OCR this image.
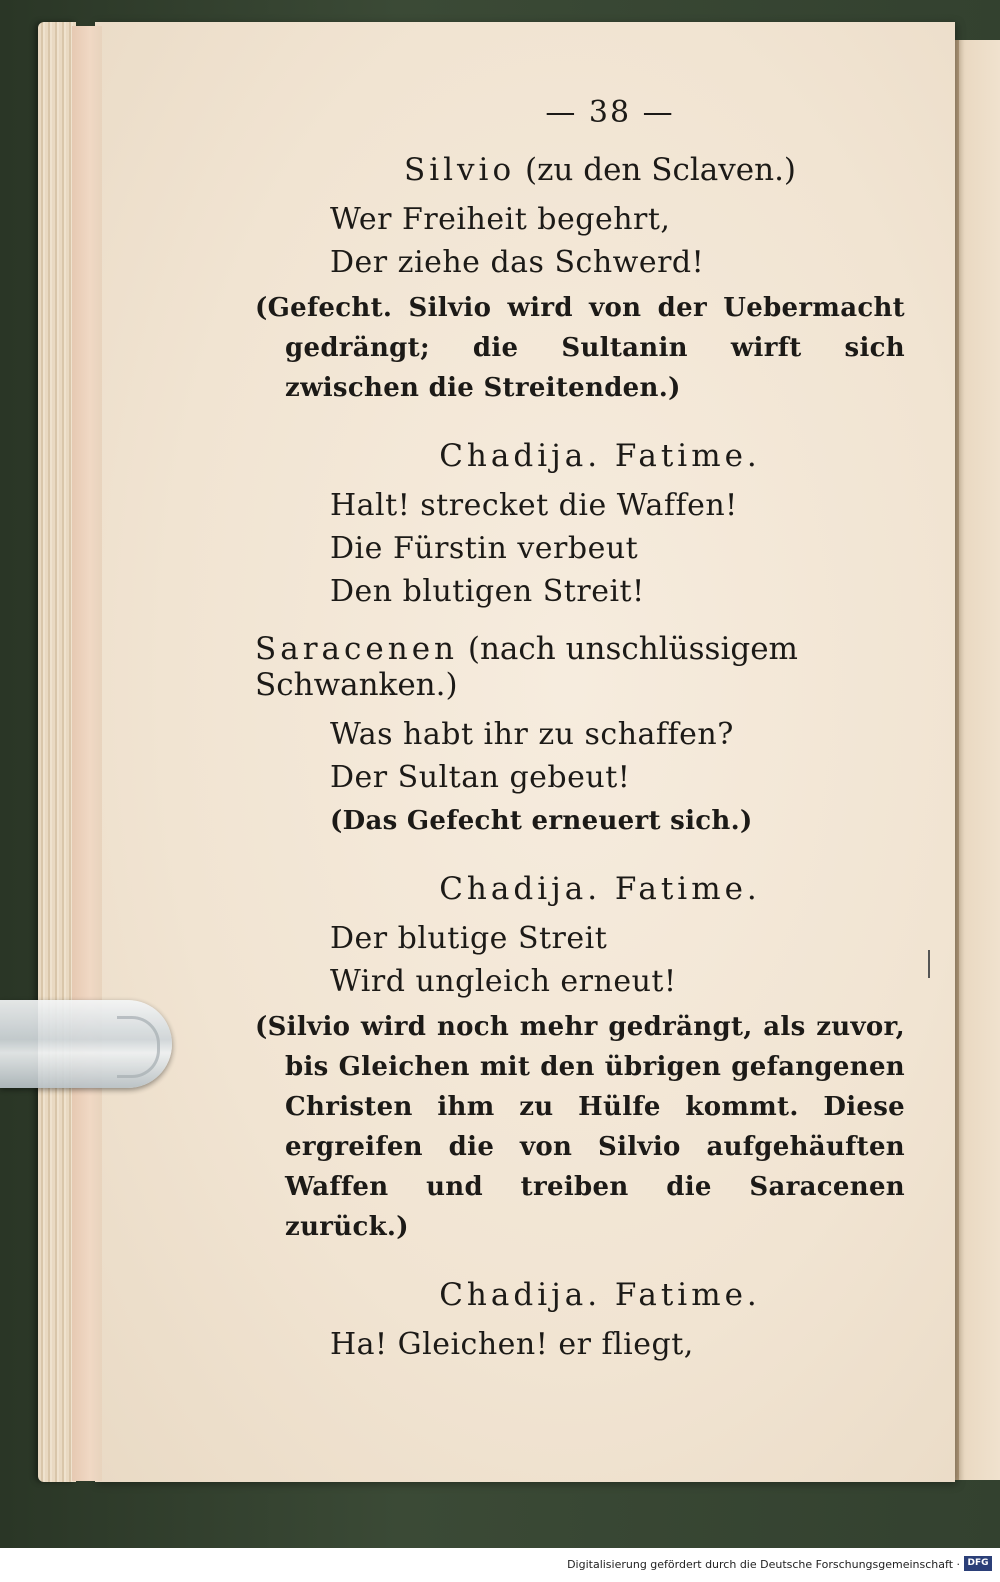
— 38 —
Silvio (zu den Sclaven.)
Wer Freiheit begehrt,
Der ziehe das Schwerd!
(Gefecht. Silvio wird von der Uebermacht gedrängt; die Sultanin wirft sich zwischen die Streitenden.)
Chadija. Fatime.
Halt! strecket die Waffen!
Die Fürstin verbeut
Den blutigen Streit!
Saracenen (nach unschlüssigem Schwanken.)
Was habt ihr zu schaffen?
Der Sultan gebeut!
(Das Gefecht erneuert sich.)
Chadija. Fatime.
Der blutige Streit
Wird ungleich erneut!
(Silvio wird noch mehr gedrängt, als zuvor, bis Gleichen mit den übrigen gefangenen Christen ihm zu Hülfe kommt. Diese ergreifen die von Silvio aufgehäuften Waffen und treiben die Saracenen zurück.)
Chadija. Fatime.
Ha! Gleichen! er fliegt,
Digitalisierung gefördert durch die Deutsche Forschungsgemeinschaft · DFG
